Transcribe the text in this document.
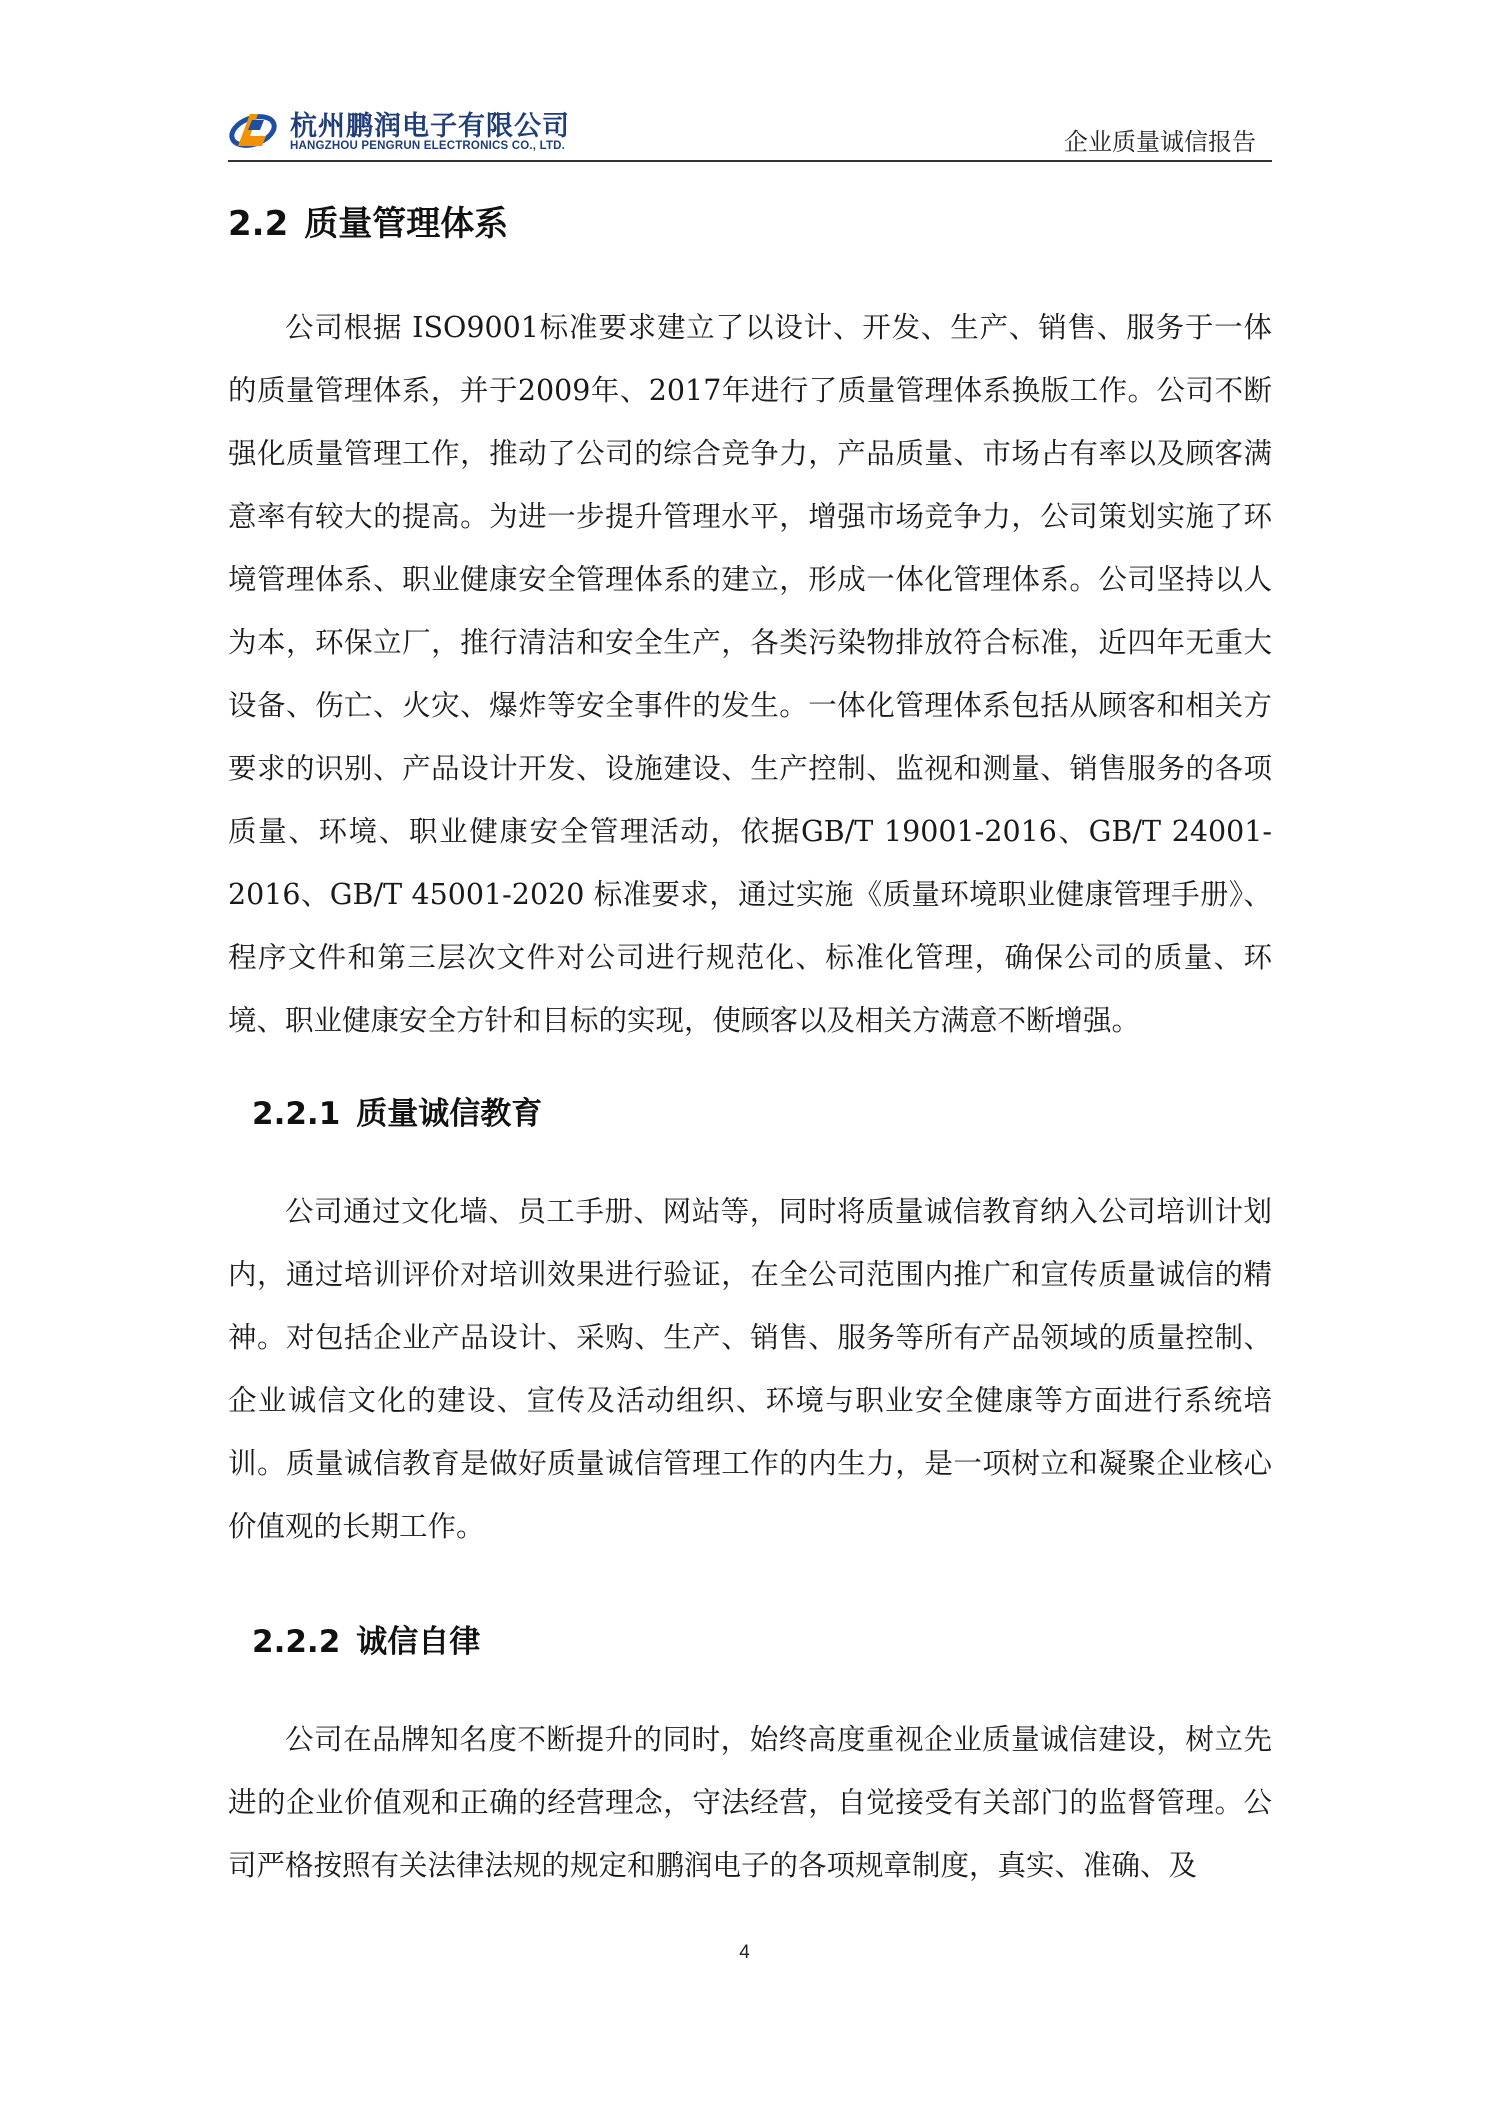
杭州鹏润电子有限公司
HANGZHOU PENGRUN ELECTRONICS CO., LTD.	企业质量诚信报告
2.2 质量管理体系

公司根据 ISO9001标准要求建立了以设计、开发、生产、销售、服务于一体的质量管理体系，并于2009年、2017年进行了质量管理体系换版工作。公司不断强化质量管理工作，推动了公司的综合竞争力，产品质量、市场占有率以及顾客满意率有较大的提高。为进一步提升管理水平，增强市场竞争力，公司策划实施了环境管理体系、职业健康安全管理体系的建立，形成一体化管理体系。公司坚持以人为本，环保立厂，推行清洁和安全生产，各类污染物排放符合标准，近四年无重大设备、伤亡、火灾、爆炸等安全事件的发生。一体化管理体系包括从顾客和相关方要求的识别、产品设计开发、设施建设、生产控制、监视和测量、销售服务的各项质量、环境、职业健康安全管理活动，依据GB/T 19001-2016、GB/T 24001-2016、GB/T 45001-2020 标准要求，通过实施《质量环境职业健康管理手册》、程序文件和第三层次文件对公司进行规范化、标准化管理，确保公司的质量、环境、职业健康安全方针和目标的实现，使顾客以及相关方满意不断增强。

2.2.1 质量诚信教育

公司通过文化墙、员工手册、网站等，同时将质量诚信教育纳入公司培训计划内，通过培训评价对培训效果进行验证，在全公司范围内推广和宣传质量诚信的精神。对包括企业产品设计、采购、生产、销售、服务等所有产品领域的质量控制、企业诚信文化的建设、宣传及活动组织、环境与职业安全健康等方面进行系统培训。质量诚信教育是做好质量诚信管理工作的内生力，是一项树立和凝聚企业核心价值观的长期工作。

2.2.2 诚信自律

公司在品牌知名度不断提升的同时，始终高度重视企业质量诚信建设，树立先进的企业价值观和正确的经营理念，守法经营，自觉接受有关部门的监督管理。公司严格按照有关法律法规的规定和鹏润电子的各项规章制度，真实、准确、及

4
